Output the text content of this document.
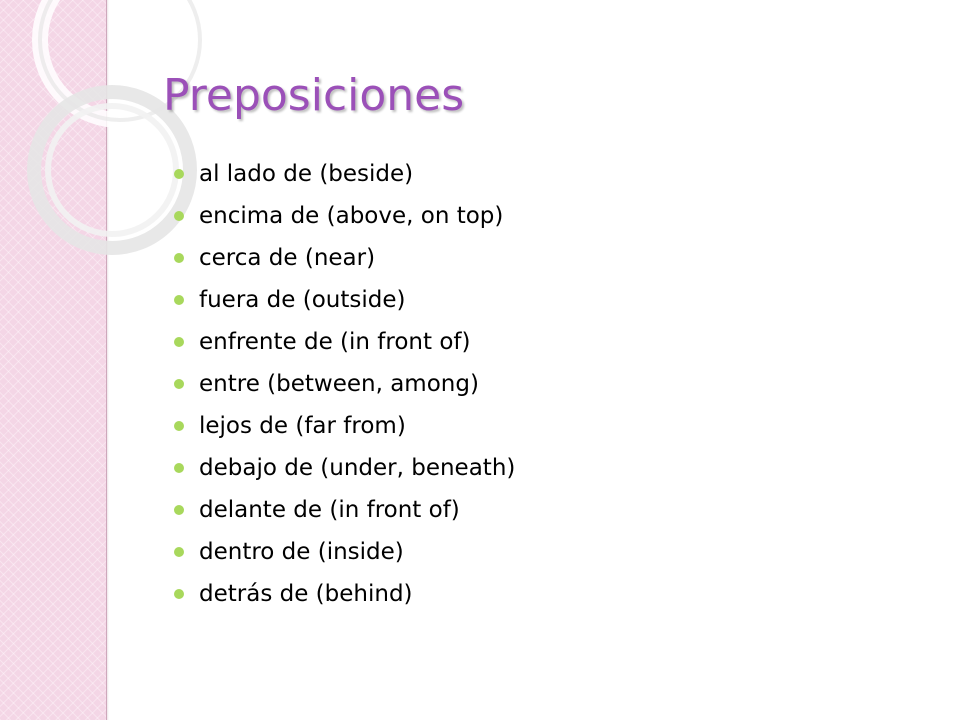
Preposiciones
al lado de (beside)
encima de (above, on top)
cerca de (near)
fuera de (outside)
enfrente de (in front of)
entre (between, among)
lejos de (far from)
debajo de (under, beneath)
delante de (in front of)
dentro de (inside)
detrás de (behind)
